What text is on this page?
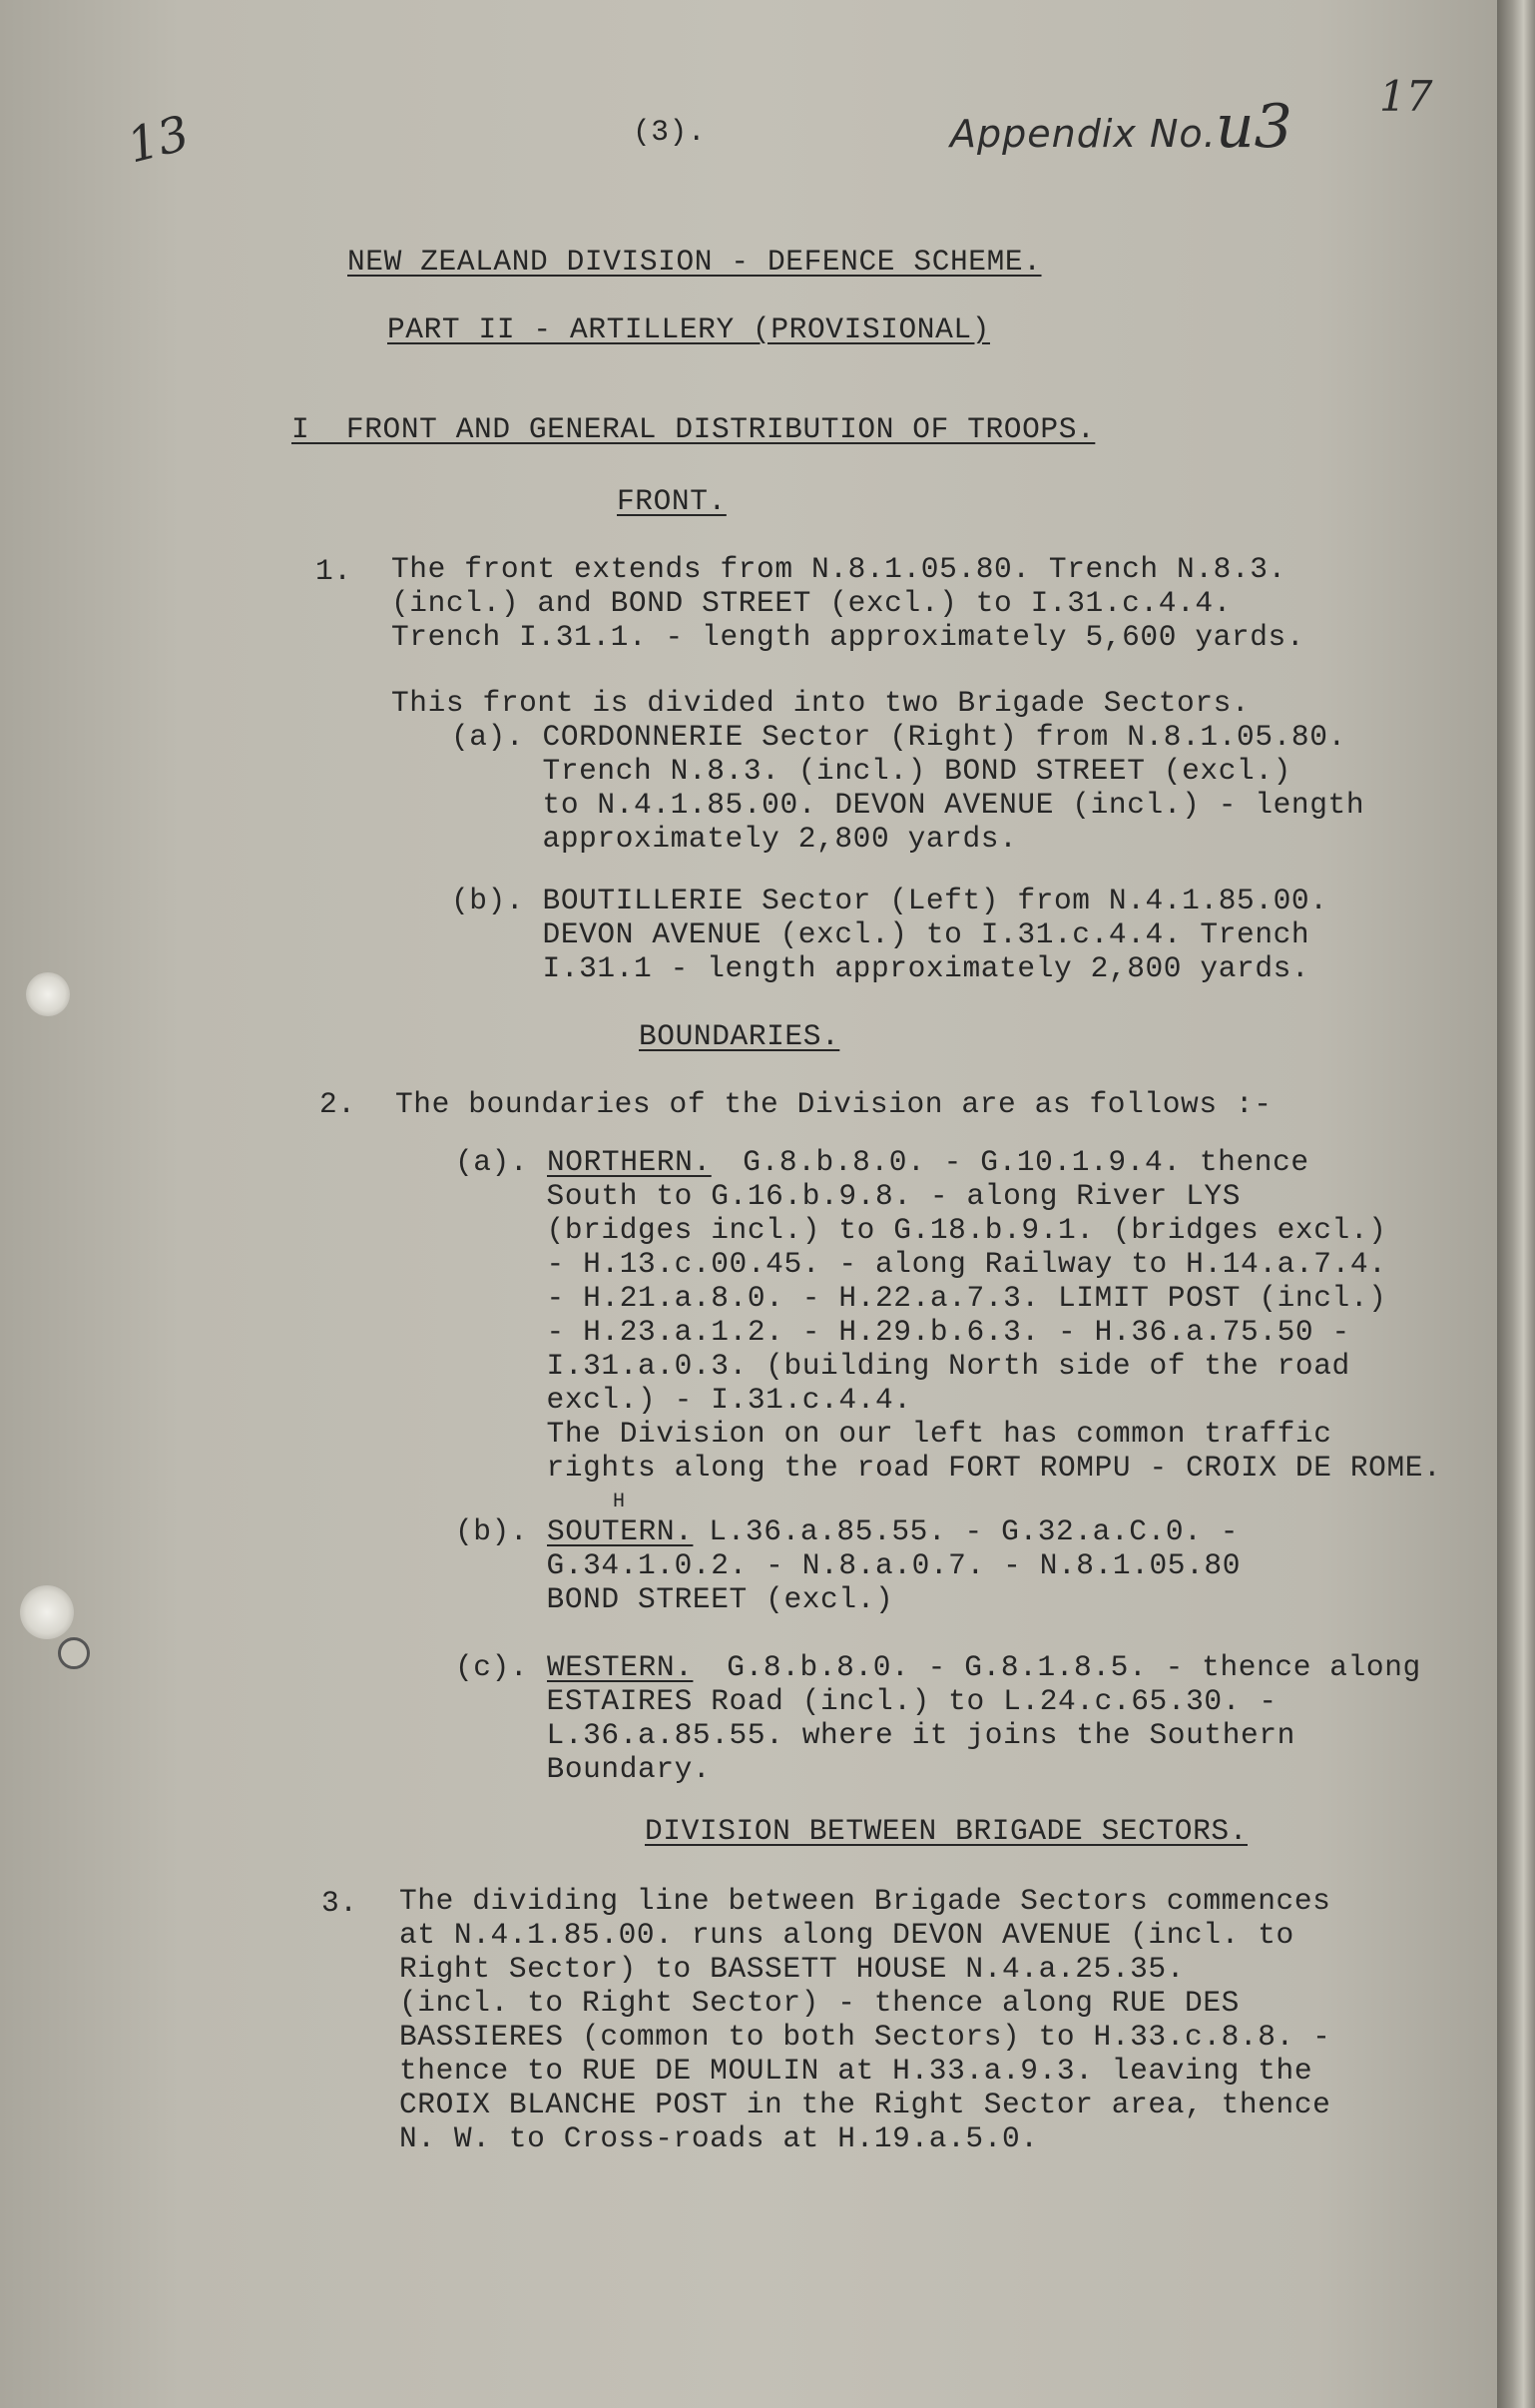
13	(3).	Appendix No. u3 17
NEW ZEALAND DIVISION - DEFENCE SCHEME.
PART II - ARTILLERY (PROVISIONAL)
I  FRONT AND GENERAL DISTRIBUTION OF TROOPS.
FRONT.
1. The front extends from N.8.1.05.80. Trench N.8.3.
(incl.) and BOND STREET (excl.) to I.31.c.4.4.
Trench I.31.1. - length approximately 5,600 yards.
This front is divided into two Brigade Sectors.
(a). CORDONNERIE Sector (Right) from N.8.1.05.80.
Trench N.8.3. (incl.) BOND STREET (excl.)
to N.4.1.85.00. DEVON AVENUE (incl.) - length
approximately 2,800 yards.
(b). BOUTILLERIE Sector (Left) from N.4.1.85.00.
DEVON AVENUE (excl.) to I.31.c.4.4. Trench
I.31.1 - length approximately 2,800 yards.
BOUNDARIES.
2. The boundaries of the Division are as follows :-
(a). NORTHERN. G.8.b.8.0. - G.10.1.9.4. thence
South to G.16.b.9.8. - along River LYS
(bridges incl.) to G.18.b.9.1. (bridges excl.)
- H.13.c.00.45. - along Railway to H.14.a.7.4.
- H.21.a.8.0. - H.22.a.7.3. LIMIT POST (incl.)
- H.23.a.1.2. - H.29.b.6.3. - H.36.a.75.50 -
I.31.a.0.3. (building North side of the road
excl.) - I.31.c.4.4.
The Division on our left has common traffic
rights along the road FORT ROMPU - CROIX DE ROME.
H
(b). SOUTERN.
L.36.a.85.55. - G.32.a.C.0. -
G.34.1.0.2. - N.8.a.0.7. - N.8.1.05.80
BOND STREET (excl.)
(c). WESTERN. G.8.b.8.0. - G.8.1.8.5. - thence along
ESTAIRES Road (incl.) to L.24.c.65.30. -
L.36.a.85.55. where it joins the Southern
Boundary.
DIVISION BETWEEN BRIGADE SECTORS.
3. The dividing line between Brigade Sectors commences
at N.4.1.85.00. runs along DEVON AVENUE (incl. to
Right Sector) to BASSETT HOUSE N.4.a.25.35.
(incl. to Right Sector) - thence along RUE DES
BASSIERES (common to both Sectors) to H.33.c.8.8. -
thence to RUE DE MOULIN at H.33.a.9.3. leaving the
CROIX BLANCHE POST in the Right Sector area, thence
N. W. to Cross-roads at H.19.a.5.0.
